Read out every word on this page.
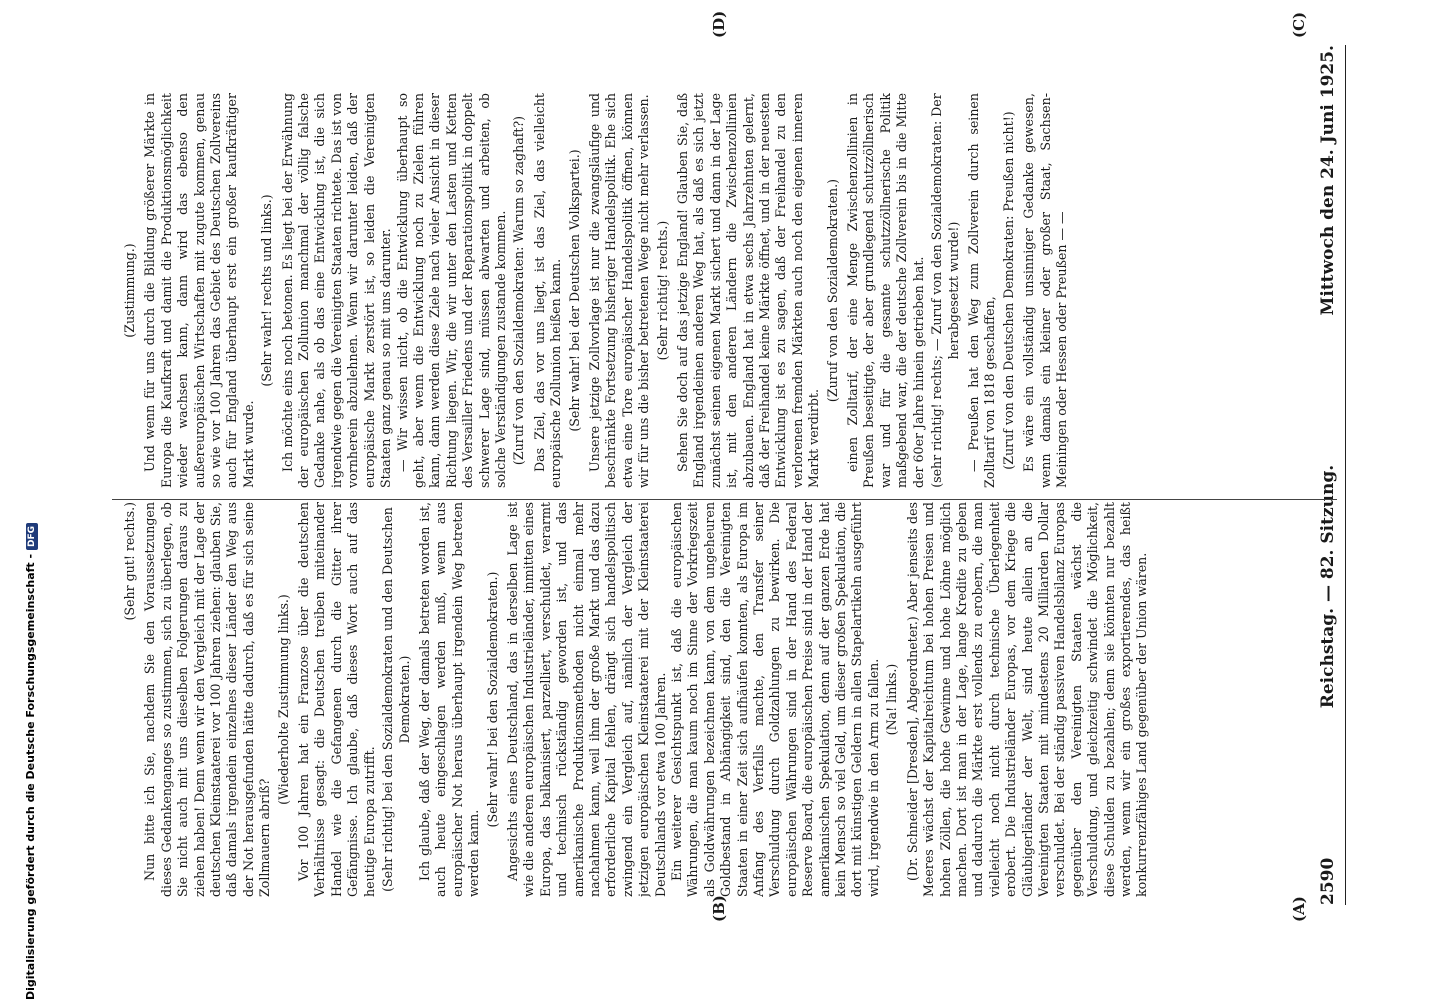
2590
Reichstag. — 82. Sitzung.
Mittwoch den 24. Juni 1925.
(A)
(B)
(C)
(D)

(Dr. Schneider [Dresden], Abgeordneter.) Aber jenseits des Meeres wächst der Kapitalreichtum bei hohen Preisen und hohen Zöllen, die hohe Gewinne und hohe Löhne möglich machen. Dort ist man in der Lage, lange Kredite zu geben und dadurch die Märkte erst vollends zu erobern, die man vielleicht noch nicht durch technische Überlegenheit erobert. Die Industrieländer Europas, vor dem Kriege die Gläubigerländer der Welt, sind heute allein an die Vereinigten Staaten mit mindestens 20 Milliarden Dollar verschuldet. Bei der ständig passiven Handelsbilanz Europas gegenüber den Vereinigten Staaten wächst die Verschuldung, und gleichzeitig schwindet die Möglichkeit, diese Schulden zu bezahlen; denn sie könnten nur bezahlt werden, wenn wir ein großes exportierendes, das heißt konkurrenzfähiges Land gegenüber der Union wären.

(Na! links.)

Ein weiterer Gesichtspunkt ist, daß die europäischen Währungen, die man kaum noch im Sinne der Vorkriegszeit als Goldwährungen bezeichnen kann, von dem ungeheuren Goldbestand in Abhängigkeit sind, den die Vereinigten Staaten in einer Zeit sich aufhäufen konnten, als Europa im Anfang des Verfalls machte, den Transfer seiner Verschuldung durch Goldzahlungen zu bewirken. Die europäischen Währungen sind in der Hand des Federal Reserve Board, die europäischen Preise sind in der Hand der amerikanischen Spekulation, denn auf der ganzen Erde hat kein Mensch so viel Geld, um dieser großen Spekulation, die dort mit künstigen Geldern in allen Stapelartikeln ausgeführt wird, irgendwie in den Arm zu fallen.

Angesichts eines Deutschland, das in derselben Lage ist wie die anderen europäischen Industrieländer, inmitten eines Europa, das balkanisiert, parzelliert, verschuldet, verarmt und technisch rückständig geworden ist, und das amerikanische Produktionsmethoden nicht einmal mehr nachahmen kann, weil ihm der große Markt und das dazu erforderliche Kapital fehlen, drängt sich handelspolitisch zwingend ein Vergleich auf, nämlich der Vergleich der jetzigen europäischen Kleinstaaterei mit der Kleinstaaterei Deutschlands vor etwa 100 Jahren.

(Sehr wahr! bei den Sozialdemokraten.)

Ich glaube, daß der Weg, der damals betreten worden ist, auch heute eingeschlagen werden muß, wenn aus europäischer Not heraus überhaupt irgendein Weg betreten werden kann.

(Sehr richtig! bei den Sozialdemokraten und den Deutschen Demokraten.)

Vor 100 Jahren hat ein Franzose über die deutschen Verhältnisse gesagt: die Deutschen treiben miteinander Handel wie die Gefangenen durch die Gitter ihrer Gefängnisse. Ich glaube, daß dieses Wort auch auf das heutige Europa zutrifft.

(Wiederholte Zustimmung links.)

Nun bitte ich Sie, nachdem Sie den Voraussetzungen dieses Gedankenganges so zustimmen, sich zu überlegen, ob Sie nicht auch mit uns dieselben Folgerungen daraus zu ziehen haben! Denn wenn wir den Vergleich mit der Lage der deutschen Kleinstaaterei vor 100 Jahren ziehen: glauben Sie, daß damals irgendein einzelnes dieser Länder den Weg aus der Not herausgefunden hätte dadurch, daß es für sich seine Zollmauern abriß?

(Sehr gut! rechts.)

Es wäre ein vollständig unsinniger Gedanke gewesen, wenn damals ein kleiner oder großer Staat, Sachsen-Meiningen oder Hessen oder Preußen — —

(Zuruf von den Deutschen Demokraten: Preußen nicht!)

— Preußen hat den Weg zum Zollverein durch seinen Zolltarif von 1818 geschaffen,

(sehr richtig! rechts; — Zuruf von den Sozialdemokraten: Der herabgesetzt wurde!)

einen Zolltarif, der eine Menge Zwischenzollinien in Preußen beseitigte, der aber grundlegend schutzzöllnerisch war und für die gesamte schutzzöllnerische Politik maßgebend war, die der deutsche Zollverein bis in die Mitte der 60er Jahre hinein getrieben hat.

(Zuruf von den Sozialdemokraten.)

Sehen Sie doch auf das jetzige England! Glauben Sie, daß England irgendeinen anderen Weg hat, als daß es sich jetzt zunächst seinen eigenen Markt sichert und dann in der Lage ist, mit den anderen Ländern die Zwischenzollinien abzubauen. England hat in etwa sechs Jahrzehnten gelernt, daß der Freihandel keine Märkte öffnet, und in der neuesten Entwicklung ist es zu sagen, daß der Freihandel zu den verlorenen fremden Märkten auch noch den eigenen inneren Markt verdirbt.

(Sehr richtig! rechts.)

Unsere jetzige Zollvorlage ist nur die zwangsläufige und beschränkte Fortsetzung bisheriger Handelspolitik. Ehe sich etwa eine Tore europäischer Handelspolitik öffnen, können wir für uns die bisher betretenen Wege nicht mehr verlassen.

(Sehr wahr! bei der Deutschen Volkspartei.)

Das Ziel, das vor uns liegt, ist das Ziel, das vielleicht europäische Zollunion heißen kann.

(Zuruf von den Sozialdemokraten: Warum so zaghaft?)

— Wir wissen nicht, ob die Entwicklung überhaupt so geht, aber wenn die Entwicklung noch zu Zielen führen kann, dann werden diese Ziele nach vieler Ansicht in dieser Richtung liegen. Wir, die wir unter den Lasten und Ketten des Versailler Friedens und der Reparationspolitik in doppelt schwerer Lage sind, müssen abwarten und arbeiten, ob solche Verständigungen zustande kommen.

Ich möchte eins noch betonen. Es liegt bei der Erwähnung der europäischen Zollunion manchmal der völlig falsche Gedanke nahe, als ob das eine Entwicklung ist, die sich irgendwie gegen die Vereinigten Staaten richtete. Das ist von vornherein abzulehnen. Wenn wir darunter leiden, daß der europäische Markt zerstört ist, so leiden die Vereinigten Staaten ganz genau so mit uns darunter.

(Sehr wahr! rechts und links.)

Und wenn für uns durch die Bildung größerer Märkte in Europa die Kaufkraft und damit die Produktionsmöglichkeit wieder wachsen kann, dann wird das ebenso den außereuropäischen Wirtschaften mit zugute kommen, genau so wie vor 100 Jahren das Gebiet des Deutschen Zollvereins auch für England überhaupt erst ein großer kaufkräftiger Markt wurde.

(Zustimmung.)

Digitalisierung gefördert durch die Deutsche Forschungsgemeinschaft -DFG
